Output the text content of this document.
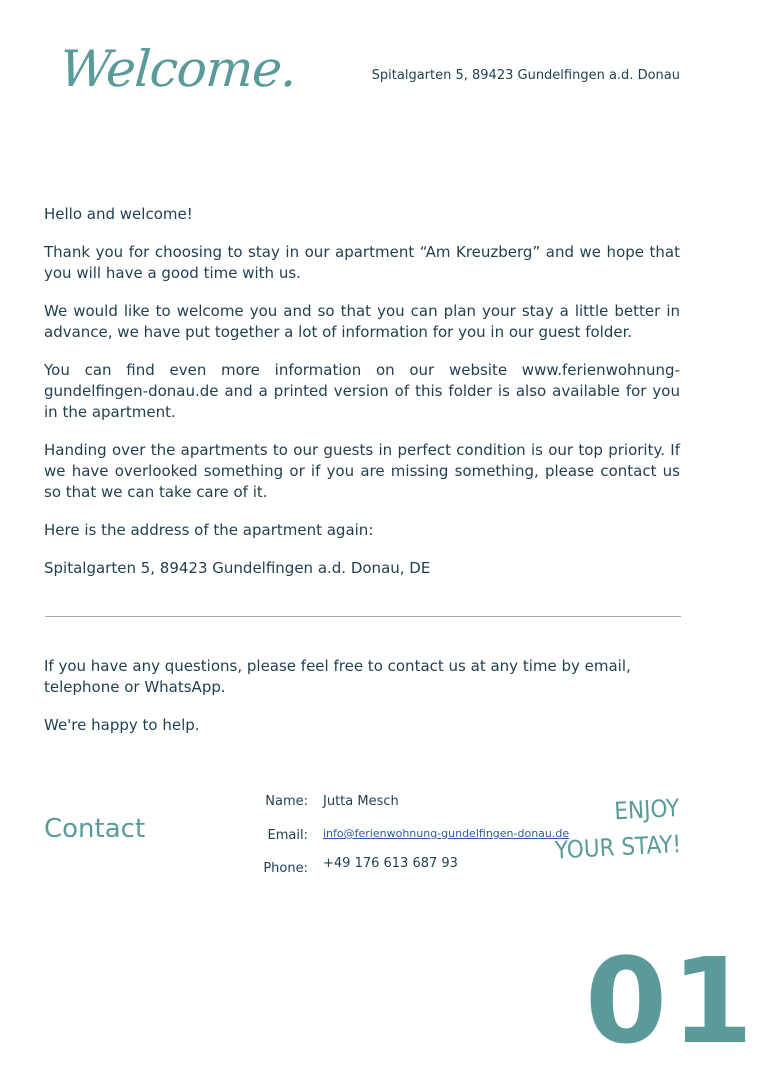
Welcome.	Spitalgarten 5, 89423 Gundelfingen a.d. Donau

Hello and welcome!

Thank you for choosing to stay in our apartment “Am Kreuzberg” and we hope that you will have a good time with us.

We would like to welcome you and so that you can plan your stay a little better in advance, we have put together a lot of information for you in our guest folder.

You can find even more information on our website www.ferienwohnung-gundelfingen-donau.de and a printed version of this folder is also available for you in the apartment.

Handing over the apartments to our guests in perfect condition is our top priority. If we have overlooked something or if you are missing something, please contact us so that we can take care of it.

Here is the address of the apartment again:

Spitalgarten 5, 89423 Gundelfingen a.d. Donau, DE

If you have any questions, please feel free to contact us at any time by email, telephone or WhatsApp.

We're happy to help.

Contact
Name: Jutta Mesch
Email: info@ferienwohnung-gundelfingen-donau.de
Phone: +49 176 613 687 93
ENJOY
YOUR STAY!
01
